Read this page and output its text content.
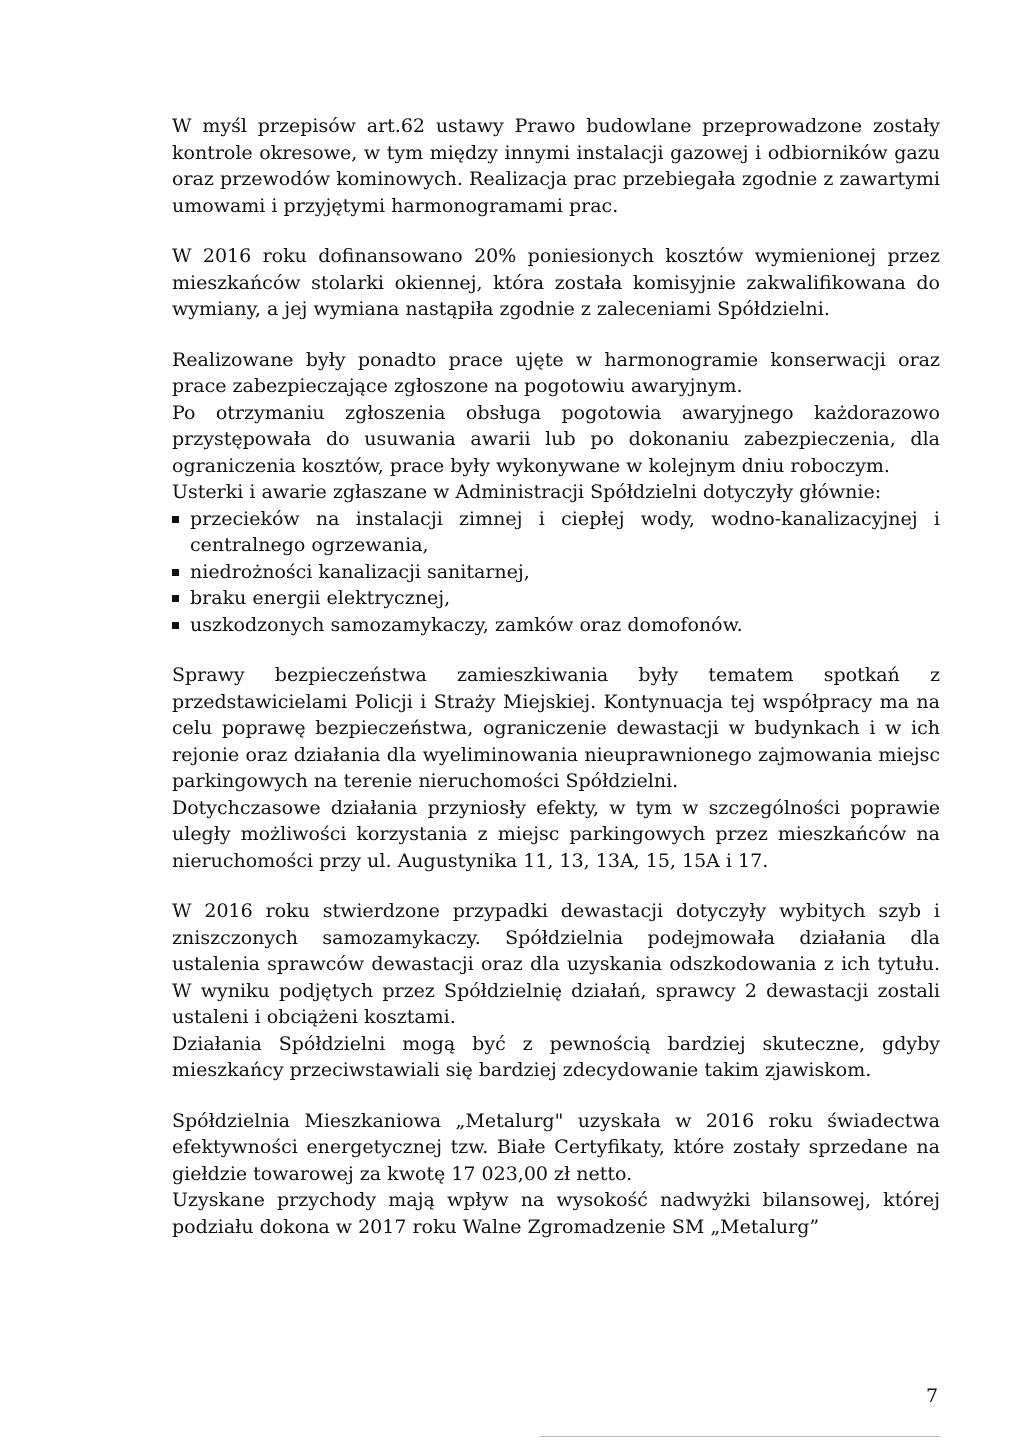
W myśl przepisów art.62 ustawy Prawo budowlane przeprowadzone zostały kontrole okresowe, w tym między innymi instalacji gazowej i odbiorników gazu oraz przewodów kominowych. Realizacja prac przebiegała zgodnie z zawartymi umowami i przyjętymi harmonogramami prac.

W 2016 roku dofinansowano 20% poniesionych kosztów wymienionej przez mieszkańców stolarki okiennej, która została komisyjnie zakwalifikowana do wymiany, a jej wymiana nastąpiła zgodnie z zaleceniami Spółdzielni.

Realizowane były ponadto prace ujęte w harmonogramie konserwacji oraz prace zabezpieczające zgłoszone na pogotowiu awaryjnym.

Po otrzymaniu zgłoszenia obsługa pogotowia awaryjnego każdorazowo przystępowała do usuwania awarii lub po dokonaniu zabezpieczenia, dla ograniczenia kosztów, prace były wykonywane w kolejnym dniu roboczym.

Usterki i awarie zgłaszane w Administracji Spółdzielni dotyczyły głównie:

przecieków na instalacji zimnej i ciepłej wody, wodno-kanalizacyjnej i centralnego ogrzewania,
niedrożności kanalizacji sanitarnej,
braku energii elektrycznej,
uszkodzonych samozamykaczy, zamków oraz domofonów.

Sprawy bezpieczeństwa zamieszkiwania były tematem spotkań z przedstawicielami Policji i Straży Miejskiej. Kontynuacja tej współpracy ma na celu poprawę bezpieczeństwa, ograniczenie dewastacji w budynkach i w ich rejonie oraz działania dla wyeliminowania nieuprawnionego zajmowania miejsc parkingowych na terenie nieruchomości Spółdzielni.

Dotychczasowe działania przyniosły efekty, w tym w szczególności poprawie uległy możliwości korzystania z miejsc parkingowych przez mieszkańców na nieruchomości przy ul. Augustynika 11, 13, 13A, 15, 15A i 17.

W 2016 roku stwierdzone przypadki dewastacji dotyczyły wybitych szyb i zniszczonych samozamykaczy. Spółdzielnia podejmowała działania dla ustalenia sprawców dewastacji oraz dla uzyskania odszkodowania z ich tytułu. W wyniku podjętych przez Spółdzielnię działań, sprawcy 2 dewastacji zostali ustaleni i obciążeni kosztami.

Działania Spółdzielni mogą być z pewnością bardziej skuteczne, gdyby mieszkańcy przeciwstawiali się bardziej zdecydowanie takim zjawiskom.

Spółdzielnia Mieszkaniowa „Metalurg" uzyskała w 2016 roku świadectwa efektywności energetycznej tzw. Białe Certyfikaty, które zostały sprzedane na giełdzie towarowej za kwotę 17 023,00 zł netto.

Uzyskane przychody mają wpływ na wysokość nadwyżki bilansowej, której podziału dokona w 2017 roku Walne Zgromadzenie SM „Metalurg”

7
